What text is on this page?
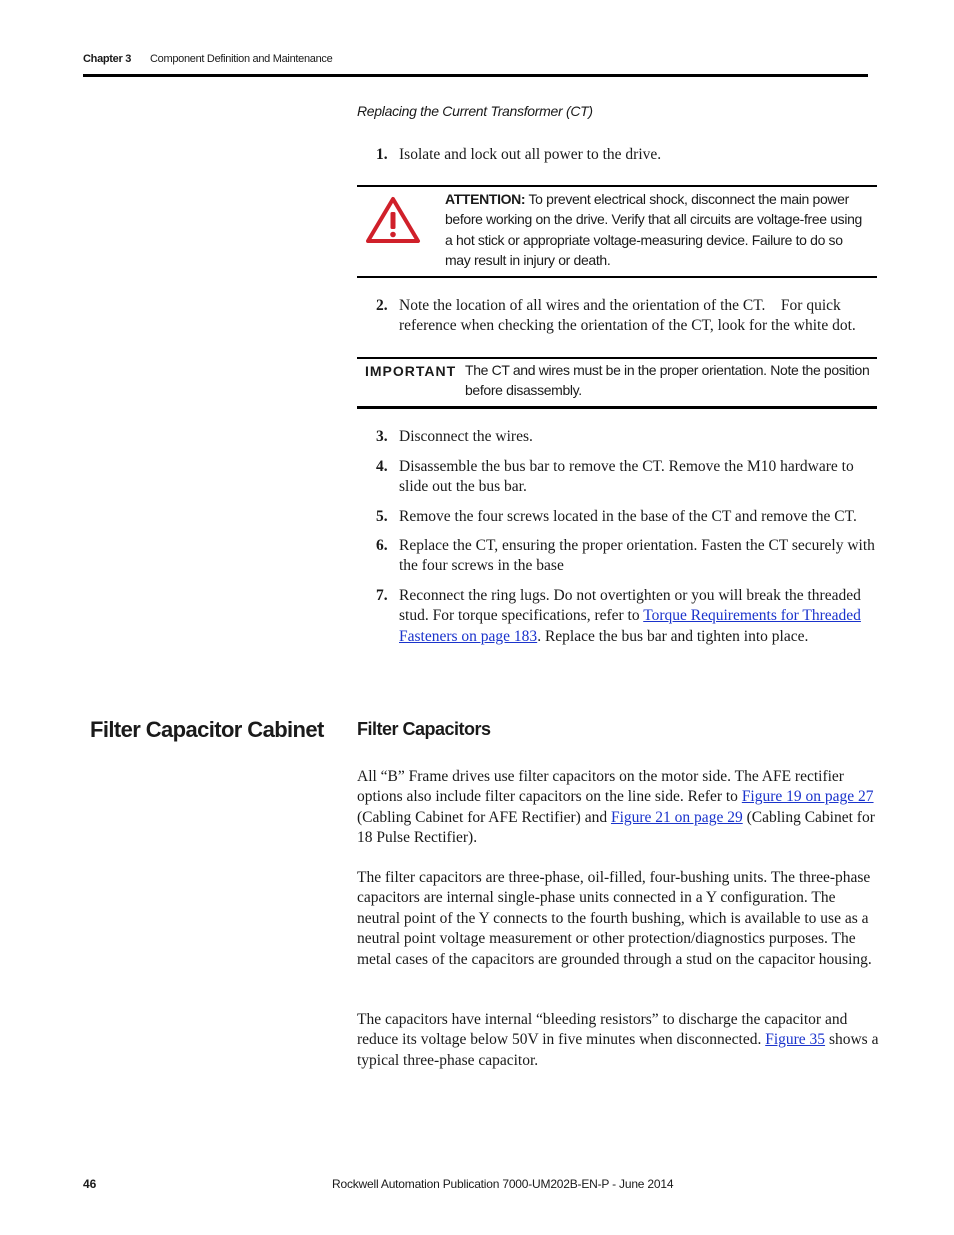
Chapter 3 Component Definition and Maintenance
Replacing the Current Transformer (CT)
1. Isolate and lock out all power to the drive.
ATTENTION: To prevent electrical shock, disconnect the main power before working on the drive. Verify that all circuits are voltage-free using a hot stick or appropriate voltage-measuring device. Failure to do so may result in injury or death.
2. Note the location of all wires and the orientation of the CT.    For quick reference when checking the orientation of the CT, look for the white dot.
IMPORTANT The CT and wires must be in the proper orientation. Note the position before disassembly.
3. Disconnect the wires.
4. Disassemble the bus bar to remove the CT. Remove the M10 hardware to slide out the bus bar.
5. Remove the four screws located in the base of the CT and remove the CT.
6. Replace the CT, ensuring the proper orientation. Fasten the CT securely with the four screws in the base
7. Reconnect the ring lugs. Do not overtighten or you will break the threaded stud. For torque specifications, refer to Torque Requirements for Threaded Fasteners on page 183. Replace the bus bar and tighten into place.
Filter Capacitor Cabinet Filter Capacitors
All “B” Frame drives use filter capacitors on the motor side. The AFE rectifier options also include filter capacitors on the line side. Refer to Figure 19 on page 27 (Cabling Cabinet for AFE Rectifier) and Figure 21 on page 29 (Cabling Cabinet for 18 Pulse Rectifier).
The filter capacitors are three-phase, oil-filled, four-bushing units. The three-phase capacitors are internal single-phase units connected in a Y configuration. The neutral point of the Y connects to the fourth bushing, which is available to use as a neutral point voltage measurement or other protection/diagnostics purposes. The metal cases of the capacitors are grounded through a stud on the capacitor housing.
The capacitors have internal “bleeding resistors” to discharge the capacitor and reduce its voltage below 50V in five minutes when disconnected. Figure 35 shows a typical three-phase capacitor.
46	Rockwell Automation Publication 7000-UM202B-EN-P - June 2014
